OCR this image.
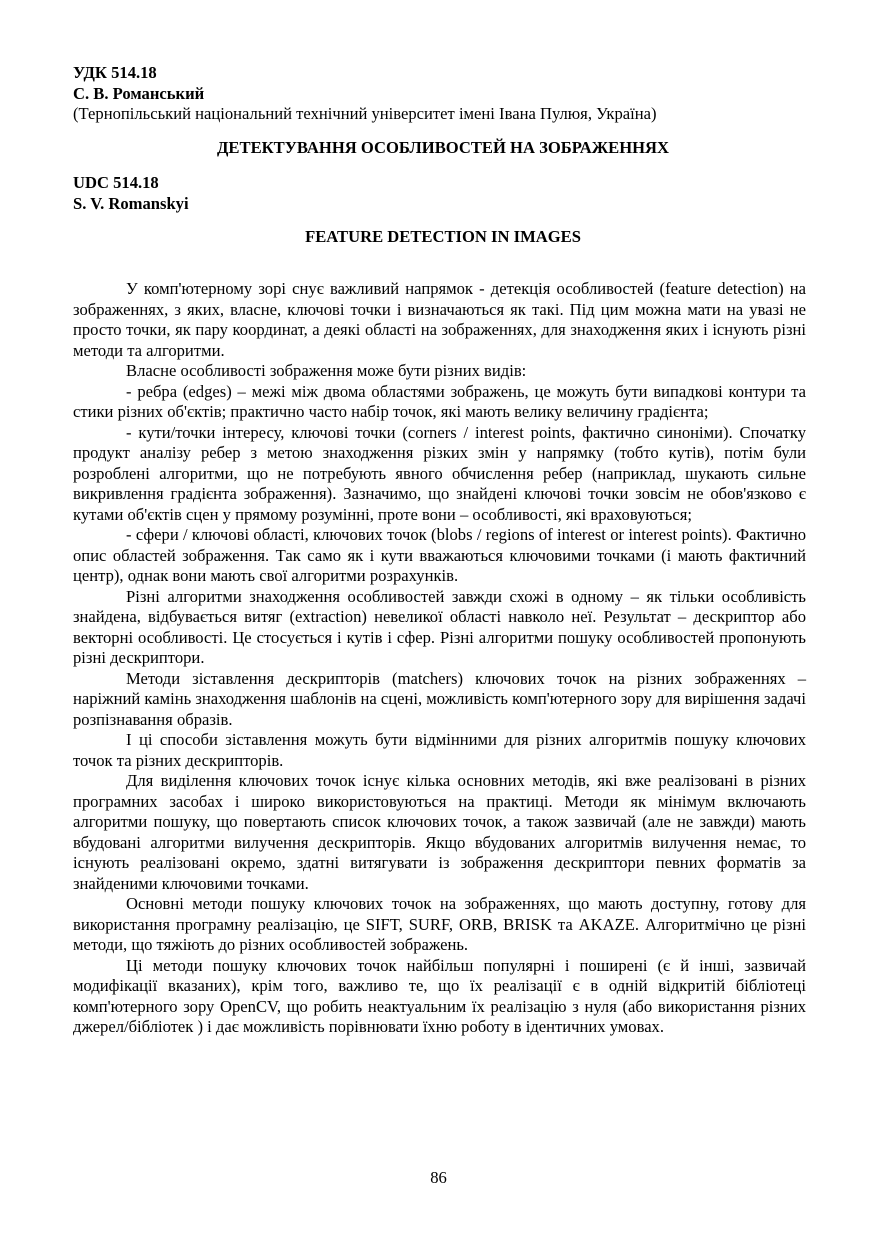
УДК 514.18

С. В. Романський

(Тернопільський національний технічний університет імені Івана Пулюя, Україна)

ДЕТЕКТУВАННЯ ОСОБЛИВОСТЕЙ НА ЗОБРАЖЕННЯХ

UDC 514.18

S. V. Romanskyi

FEATURE DETECTION IN IMAGES

У комп'ютерному зорі снує важливий напрямок - детекція особливостей (feature detection) на зображеннях, з яких, власне, ключові точки і визначаються як такі. Під цим можна мати на увазі не просто точки, як пару координат, а деякі області на зображеннях, для знаходження яких і існують різні методи та алгоритми.

Власне особливості зображення може бути різних видів:

- ребра (edges) – межі між двома областями зображень, це можуть бути випадкові контури та стики різних об'єктів; практично часто набір точок, які мають велику величину градієнта;

- кути/точки інтересу, ключові точки (corners / interest points, фактично синоніми). Спочатку продукт аналізу ребер з метою знаходження різких змін у напрямку (тобто кутів), потім були розроблені алгоритми, що не потребують явного обчислення ребер (наприклад, шукають сильне викривлення градієнта зображення). Зазначимо, що знайдені ключові точки зовсім не обов'язково є кутами об'єктів сцен у прямому розумінні, проте вони – особливості, які враховуються;

- сфери / ключові області, ключових точок (blobs / regions of interest or interest points). Фактично опис областей зображення. Так само як і кути вважаються ключовими точками (і мають фактичний центр), однак вони мають свої алгоритми розрахунків.

Різні алгоритми знаходження особливостей завжди схожі в одному – як тільки особливість знайдена, відбувається витяг (extraction) невеликої області навколо неї. Результат – дескриптор або векторні особливості. Це стосується і кутів і сфер. Різні алгоритми пошуку особливостей пропонують різні дескриптори.

Методи зіставлення дескрипторів (matchers) ключових точок на різних зображеннях – наріжний камінь знаходження шаблонів на сцені, можливість комп'ютерного зору для вирішення задачі розпізнавання образів.

І ці способи зіставлення можуть бути відмінними для різних алгоритмів пошуку ключових точок та різних дескрипторів.

Для виділення ключових точок існує кілька основних методів, які вже реалізовані в різних програмних засобах і широко використовуються на практиці. Методи як мінімум включають алгоритми пошуку, що повертають список ключових точок, а також зазвичай (але не завжди) мають вбудовані алгоритми вилучення дескрипторів. Якщо вбудованих алгоритмів вилучення немає, то існують реалізовані окремо, здатні витягувати із зображення дескриптори певних форматів за знайденими ключовими точками.

Основні методи пошуку ключових точок на зображеннях, що мають доступну, готову для використання програмну реалізацію, це SIFT, SURF, ORB, BRISK та AKAZE. Алгоритмічно це різні методи, що тяжіють до різних особливостей зображень.

Ці методи пошуку ключових точок найбільш популярні і поширені (є й інші, зазвичай модифікації вказаних), крім того, важливо те, що їх реалізації є в одній відкритій бібліотеці комп'ютерного зору OpenCV, що робить неактуальним їх реалізацію з нуля (або використання різних джерел/бібліотек ) і дає можливість порівнювати їхню роботу в ідентичних умовах.

86
